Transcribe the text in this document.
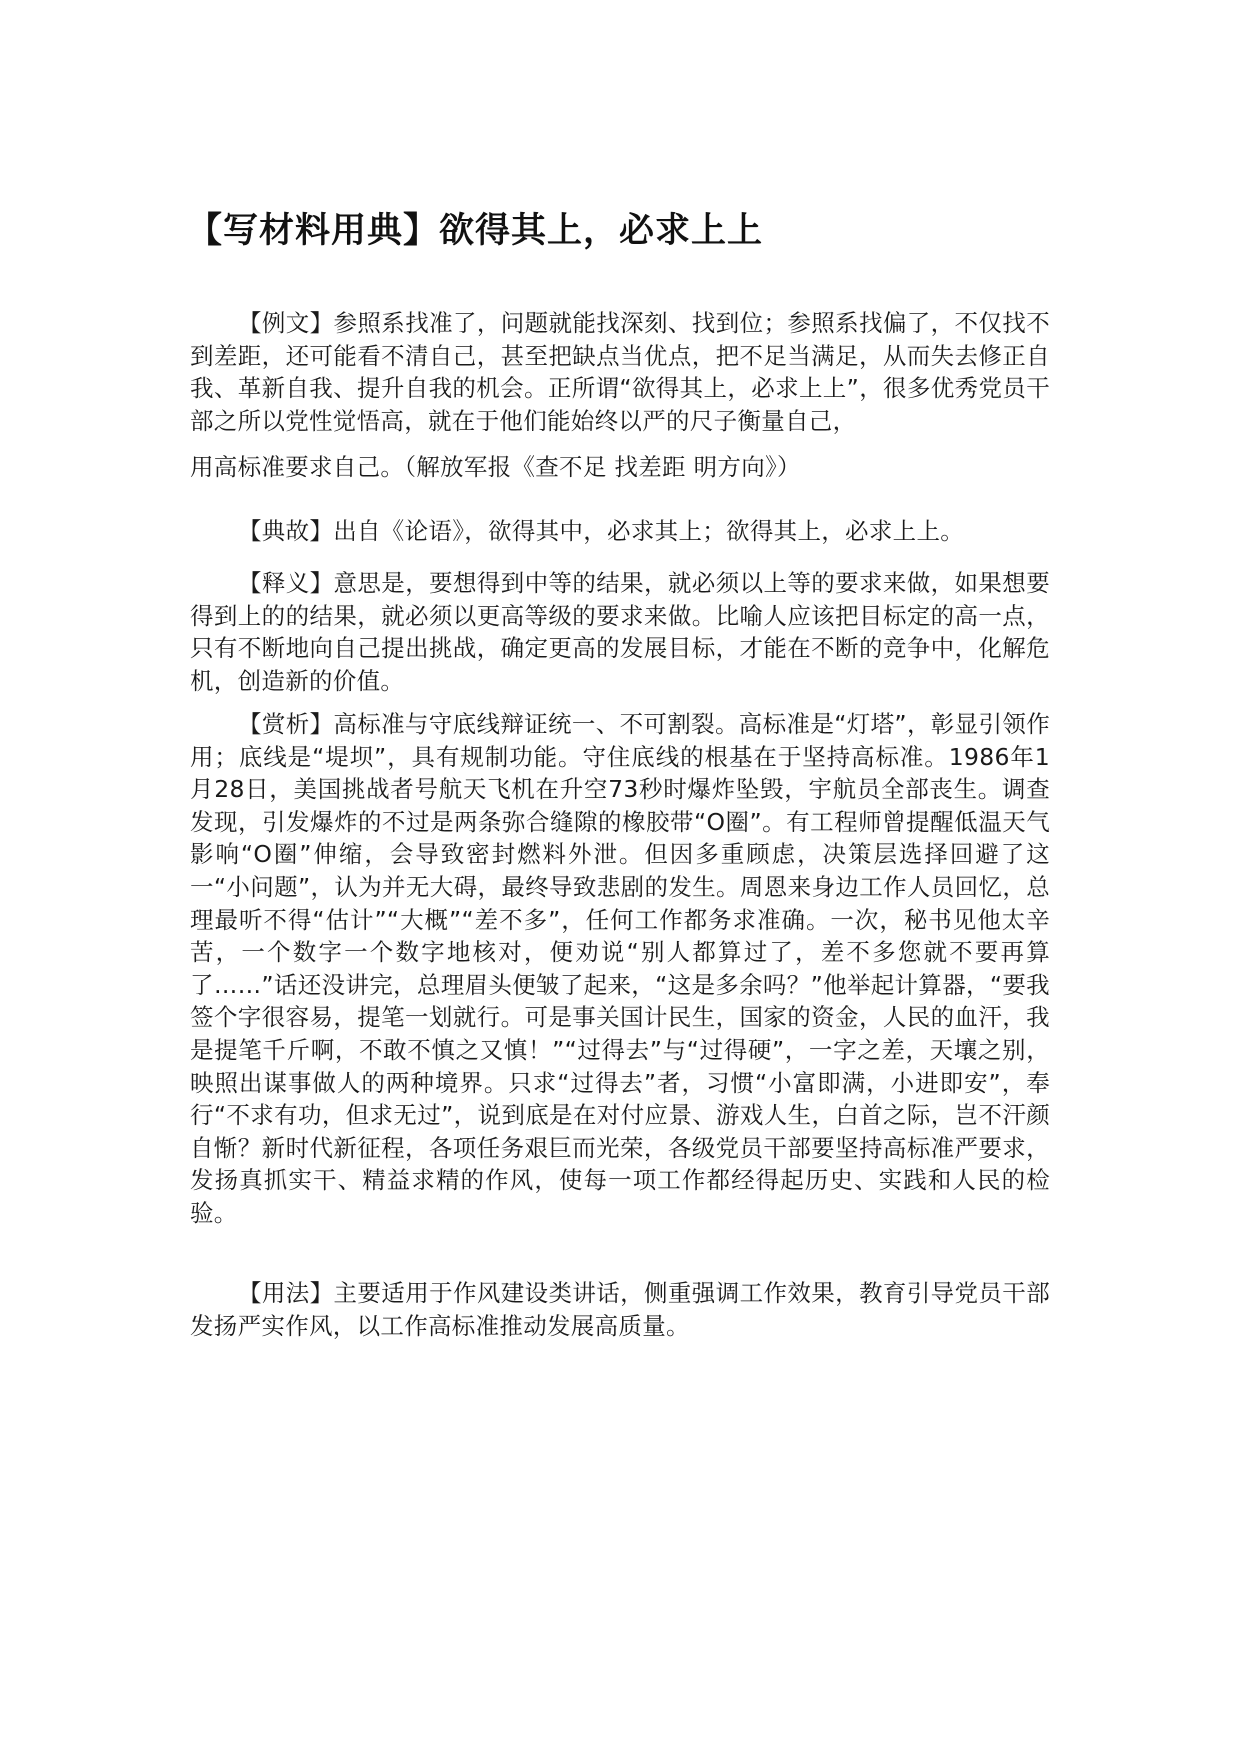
【写材料用典】欲得其上，必求上上

【例文】参照系找准了，问题就能找深刻、找到位；参照系找偏了，不仅找不到差距，还可能看不清自己，甚至把缺点当优点，把不足当满足，从而失去修正自我、革新自我、提升自我的机会。正所谓“欲得其上，必求上上”，很多优秀党员干部之所以党性觉悟高，就在于他们能始终以严的尺子衡量自己，

用高标准要求自己。（解放军报《查不足 找差距 明方向》）

【典故】出自《论语》，欲得其中，必求其上；欲得其上，必求上上。

【释义】意思是，要想得到中等的结果，就必须以上等的要求来做，如果想要得到上的的结果，就必须以更高等级的要求来做。比喻人应该把目标定的高一点，只有不断地向自己提出挑战，确定更高的发展目标，才能在不断的竞争中，化解危机，创造新的价值。

【赏析】高标准与守底线辩证统一、不可割裂。高标准是“灯塔”，彰显引领作用；底线是“堤坝”，具有规制功能。守住底线的根基在于坚持高标准。1986年1月28日，美国挑战者号航天飞机在升空73秒时爆炸坠毁，宇航员全部丧生。调查发现，引发爆炸的不过是两条弥合缝隙的橡胶带“O圈”。有工程师曾提醒低温天气影响“O圈”伸缩，会导致密封燃料外泄。但因多重顾虑，决策层选择回避了这一“小问题”，认为并无大碍，最终导致悲剧的发生。周恩来身边工作人员回忆，总理最听不得“估计”“大概”“差不多”，任何工作都务求准确。一次，秘书见他太辛苦，一个数字一个数字地核对，便劝说“别人都算过了，差不多您就不要再算了……”话还没讲完，总理眉头便皱了起来，“这是多余吗？”他举起计算器，“要我签个字很容易，提笔一划就行。可是事关国计民生，国家的资金，人民的血汗，我是提笔千斤啊，不敢不慎之又慎！”“过得去”与“过得硬”，一字之差，天壤之别，映照出谋事做人的两种境界。只求“过得去”者，习惯“小富即满，小进即安”，奉行“不求有功，但求无过”，说到底是在对付应景、游戏人生，白首之际，岂不汗颜自惭？新时代新征程，各项任务艰巨而光荣，各级党员干部要坚持高标准严要求，发扬真抓实干、精益求精的作风，使每一项工作都经得起历史、实践和人民的检验。

【用法】主要适用于作风建设类讲话，侧重强调工作效果，教育引导党员干部发扬严实作风，以工作高标准推动发展高质量。
